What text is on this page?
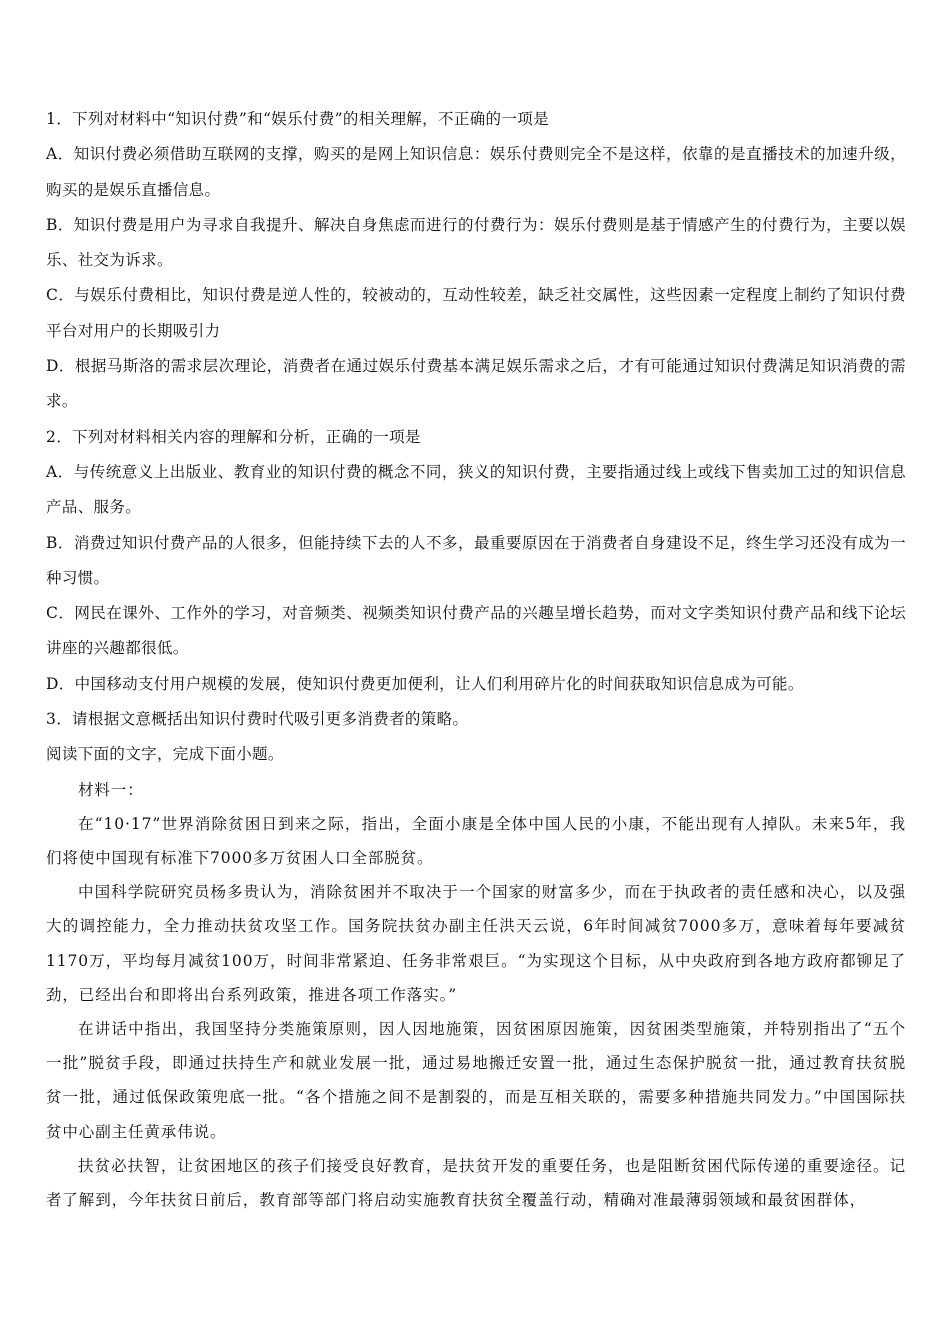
1．下列对材料中“知识付费”和“娱乐付费”的相关理解，不正确的一项是

A．知识付费必须借助互联网的支撑，购买的是网上知识信息：娱乐付费则完全不是这样，依靠的是直播技术的加速升级，购买的是娱乐直播信息。

B．知识付费是用户为寻求自我提升、解决自身焦虑而进行的付费行为：娱乐付费则是基于情感产生的付费行为，主要以娱乐、社交为诉求。

C．与娱乐付费相比，知识付费是逆人性的，较被动的，互动性较差，缺乏社交属性，这些因素一定程度上制约了知识付费平台对用户的长期吸引力

D．根据马斯洛的需求层次理论，消费者在通过娱乐付费基本满足娱乐需求之后，才有可能通过知识付费满足知识消费的需求。

2．下列对材料相关内容的理解和分析，正确的一项是

A．与传统意义上出版业、教育业的知识付费的概念不同，狭义的知识付费，主要指通过线上或线下售卖加工过的知识信息产品、服务。

B．消费过知识付费产品的人很多，但能持续下去的人不多，最重要原因在于消费者自身建设不足，终生学习还没有成为一种习惯。

C．网民在课外、工作外的学习，对音频类、视频类知识付费产品的兴趣呈增长趋势，而对文字类知识付费产品和线下论坛讲座的兴趣都很低。

D．中国移动支付用户规模的发展，使知识付费更加便利，让人们利用碎片化的时间获取知识信息成为可能。

3．请根据文意概括出知识付费时代吸引更多消费者的策略。

阅读下面的文字，完成下面小题。

材料一：

在“10·17”世界消除贫困日到来之际，指出，全面小康是全体中国人民的小康，不能出现有人掉队。未来5年，我们将使中国现有标准下7000多万贫困人口全部脱贫。

中国科学院研究员杨多贵认为，消除贫困并不取决于一个国家的财富多少，而在于执政者的责任感和决心，以及强大的调控能力，全力推动扶贫攻坚工作。国务院扶贫办副主任洪天云说，6年时间减贫7000多万，意味着每年要减贫1170万，平均每月减贫100万，时间非常紧迫、任务非常艰巨。“为实现这个目标，从中央政府到各地方政府都铆足了劲，已经出台和即将出台系列政策，推进各项工作落实。”

在讲话中指出，我国坚持分类施策原则，因人因地施策，因贫困原因施策，因贫困类型施策，并特别指出了“五个一批”脱贫手段，即通过扶持生产和就业发展一批，通过易地搬迁安置一批，通过生态保护脱贫一批，通过教育扶贫脱贫一批，通过低保政策兜底一批。“各个措施之间不是割裂的，而是互相关联的，需要多种措施共同发力。”中国国际扶贫中心副主任黄承伟说。

扶贫必扶智，让贫困地区的孩子们接受良好教育，是扶贫开发的重要任务，也是阻断贫困代际传递的重要途径。记者了解到，今年扶贫日前后，教育部等部门将启动实施教育扶贫全覆盖行动，精确对准最薄弱领域和最贫困群体，
